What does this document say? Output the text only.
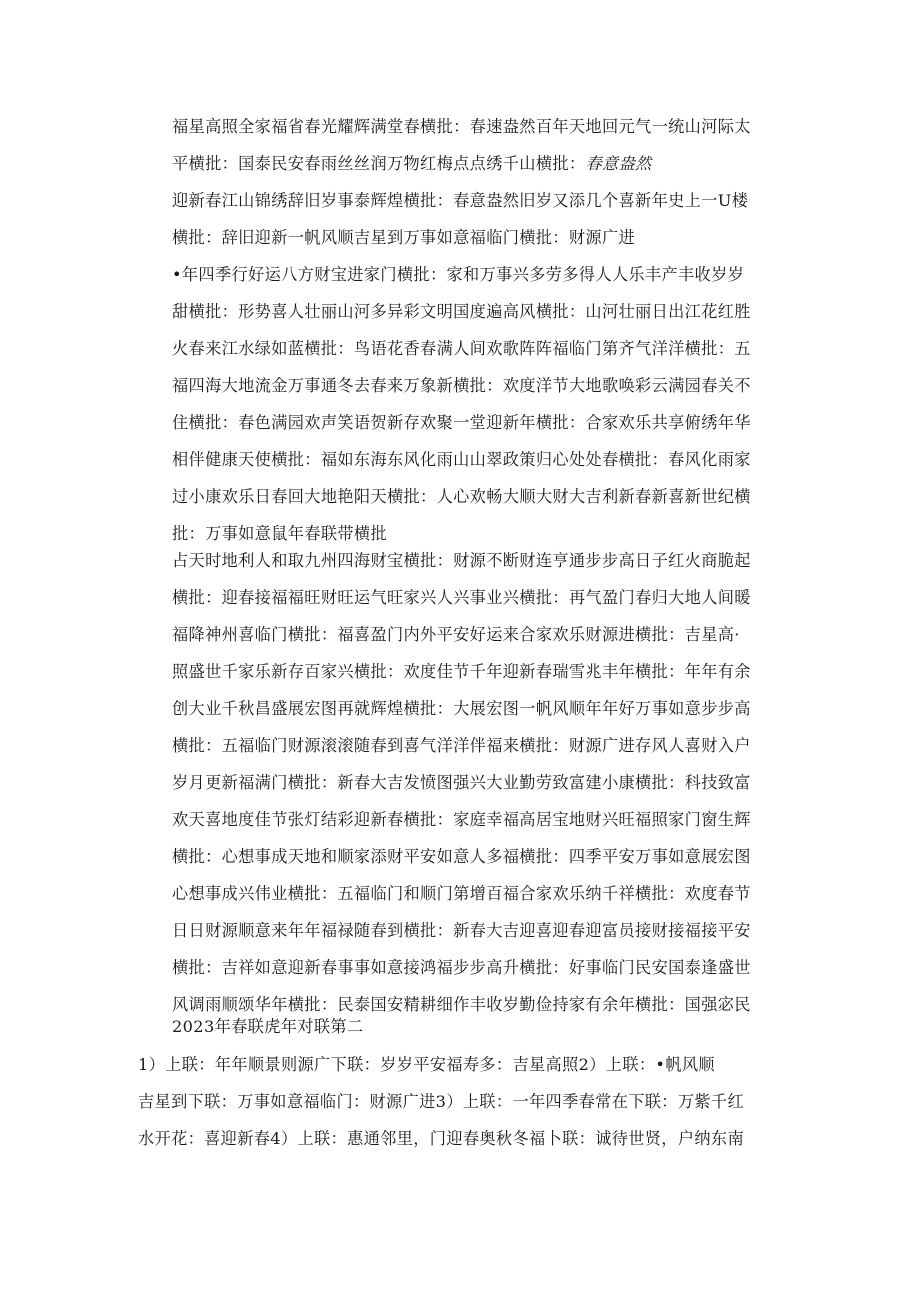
福星高照全家福省春光耀辉满堂春横批：春速盎然百年天地回元气一统山河际太
平横批：国泰民安春雨丝丝润万物红梅点点绣千山横批：春意盎然
迎新春江山锦绣辞旧岁事泰辉煌横批：春意盎然旧岁又添几个喜新年史上一U楼
横批：辞旧迎新一帆风顺吉星到万事如意福临门横批：财源广进
•年四季行好运八方财宝进家门横批：家和万事兴多劳多得人人乐丰产丰收岁岁
甜横批：形势喜人壮丽山河多异彩文明国度遍高风横批：山河壮丽日出江花红胜
火春来江水绿如蓝横批：鸟语花香春满人间欢歌阵阵福临门第齐气洋洋横批：五
福四海大地流金万事通冬去春来万象新横批：欢度洋节大地歌唤彩云满园春关不
住横批：春色满园欢声笑语贺新存欢聚一堂迎新年横批：合家欢乐共享俯绣年华
相伴健康天使横批：福如东海东风化雨山山翠政策归心处处春横批：春风化雨家
过小康欢乐日春回大地艳阳天横批：人心欢畅大顺大财大吉利新春新喜新世纪横
批：万事如意鼠年春联带横批
占天时地利人和取九州四海财宝横批：财源不断财连亨通步步高日子红火商脆起
横批：迎春接福福旺财旺运气旺家兴人兴事业兴横批：再气盈门春归大地人间暖
福降神州喜临门横批：福喜盈门内外平安好运来合家欢乐财源进横批：吉星高·
照盛世千家乐新存百家兴横批：欢度佳节千年迎新春瑞雪兆丰年横批：年年有余
创大业千秋昌盛展宏图再就辉煌横批：大展宏图一帆风顺年年好万事如意步步高
横批：五福临门财源滚滚随春到喜气洋洋伴福来横批：财源广进存风人喜财入户
岁月更新福满门横批：新春大吉发愤图强兴大业勤劳致富建小康横批：科技致富
欢天喜地度佳节张灯结彩迎新春横批：家庭幸福高居宝地财兴旺福照家门窗生辉
横批：心想事成天地和顺家添财平安如意人多福横批：四季平安万事如意展宏图
心想事成兴伟业横批：五福临门和顺门第增百福合家欢乐纳千祥横批：欢度春节
日日财源顺意来年年福禄随春到横批：新春大吉迎喜迎春迎富员接财接福接平安
横批：吉祥如意迎新春事事如意接鸿福步步高升横批：好事临门民安国泰逢盛世
风调雨顺颂华年横批：民泰国安精耕细作丰收岁勤俭持家有余年横批：国强宓民
2023年春联虎年对联第二
1）上联：年年顺景则源广下联：岁岁平安福寿多：吉星高照2）上联：•帆风顺
吉星到下联：万事如意福临门：财源广进3）上联：一年四季春常在下联：万紫千红
水开花：喜迎新春4）上联：惠通邻里，门迎春奥秋冬福卜联：诚待世贤，户纳东南
